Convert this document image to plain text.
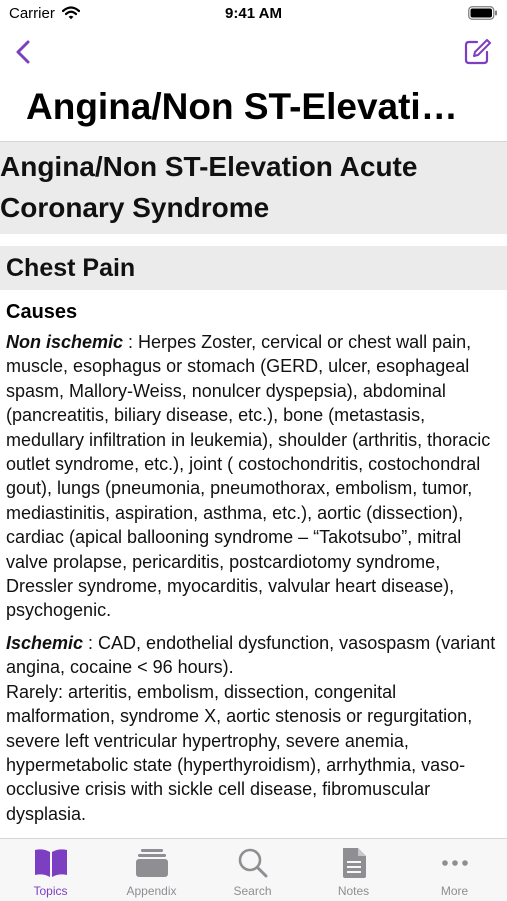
Carrier	9:41 AM
Angina/Non ST-Elevati…
Angina/Non ST-Elevation Acute Coronary Syndrome
Chest Pain
Causes

Non ischemic : Herpes Zoster, cervical or chest wall pain, muscle, esophagus or stomach (GERD, ulcer, esophageal spasm, Mallory-Weiss, nonulcer dyspepsia), abdominal (pancreatitis, biliary disease, etc.), bone (metastasis, medullary infiltration in leukemia), shoulder (arthritis, thoracic outlet syndrome, etc.), joint ( costochondritis, costochondral gout), lungs (pneumonia, pneumothorax, embolism, tumor, mediastinitis, aspiration, asthma, etc.), aortic (dissection), cardiac (apical ballooning syndrome – “Takotsubo”, mitral valve prolapse, pericarditis, postcardiotomy syndrome, Dressler syndrome, myocarditis, valvular heart disease), psychogenic.

Ischemic : CAD, endothelial dysfunction, vasospasm (variant angina, cocaine < 96 hours).
Rarely: arteritis, embolism, dissection, congenital malformation, syndrome X, aortic stenosis or regurgitation, severe left ventricular hypertrophy, severe anemia, hypermetabolic state (hyperthyroidism), arrhythmia, vaso-occlusive crisis with sickle cell disease, fibromuscular dysplasia.

Topics	Appendix	Search	Notes	More
